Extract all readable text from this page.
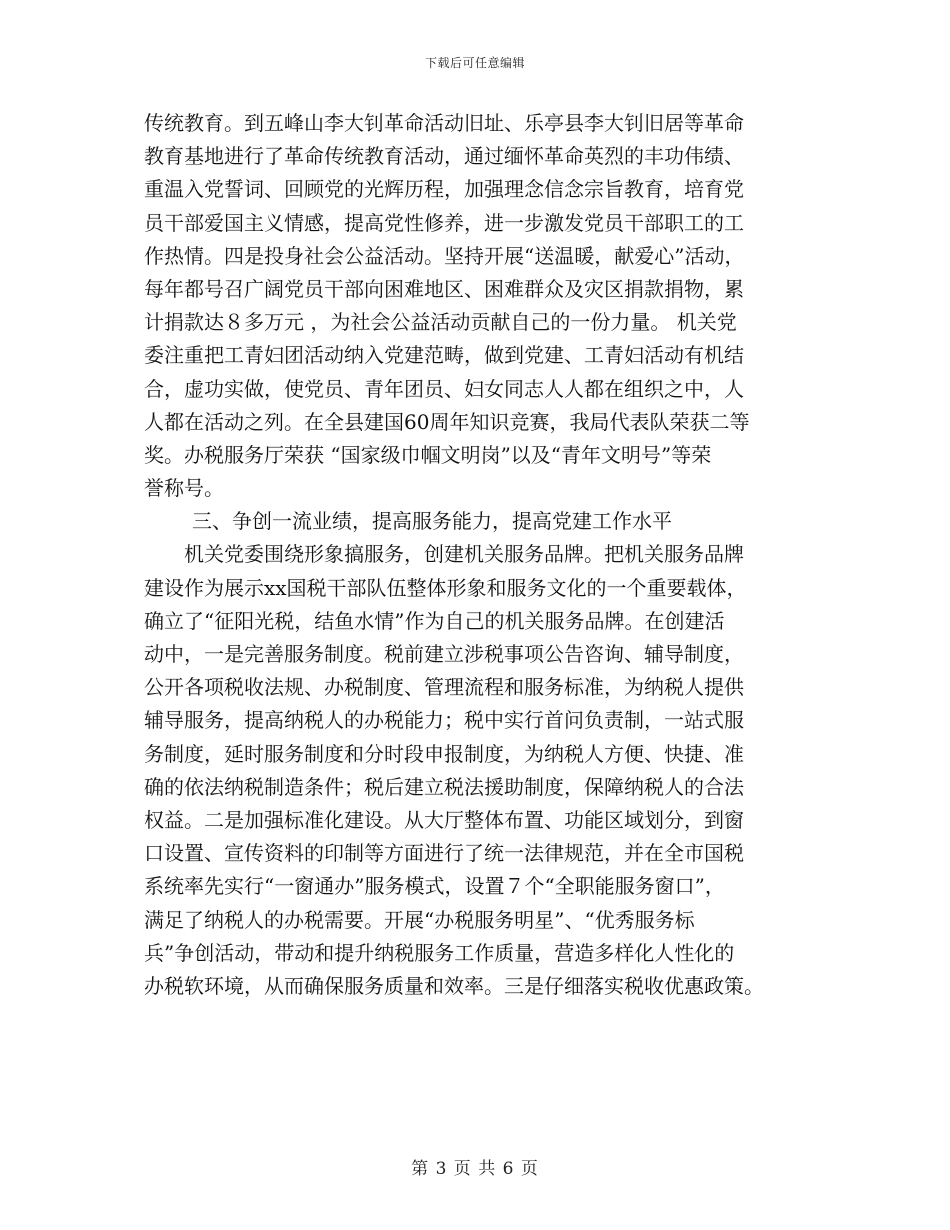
下载后可任意编辑
传统教育。到五峰山李大钊革命活动旧址、乐亭县李大钊旧居等革命
教育基地进行了革命传统教育活动，通过缅怀革命英烈的丰功伟绩、
重温入党誓词、回顾党的光辉历程，加强理念信念宗旨教育，培育党
员干部爱国主义情感，提高党性修养，进一步激发党员干部职工的工
作热情。四是投身社会公益活动。坚持开展“送温暖，献爱心”活动，
每年都号召广阔党员干部向困难地区、困难群众及灾区捐款捐物，累
计捐款达８多万元 ，为社会公益活动贡献自己的一份力量。 机关党
委注重把工青妇团活动纳入党建范畴，做到党建、工青妇活动有机结
合，虚功实做，使党员、青年团员、妇女同志人人都在组织之中，人
人都在活动之列。在全县建国60周年知识竞赛，我局代表队荣获二等
奖。办税服务厅荣获 “国家级巾帼文明岗”以及“青年文明号”等荣
誉称号。
三、争创一流业绩，提高服务能力，提高党建工作水平
机关党委围绕形象搞服务，创建机关服务品牌。把机关服务品牌
建设作为展示xx国税干部队伍整体形象和服务文化的一个重要载体，
确立了“征阳光税，结鱼水情”作为自己的机关服务品牌。在创建活
动中，一是完善服务制度。税前建立涉税事项公告咨询、辅导制度，
公开各项税收法规、办税制度、管理流程和服务标准，为纳税人提供
辅导服务，提高纳税人的办税能力；税中实行首问负责制，一站式服
务制度，延时服务制度和分时段申报制度，为纳税人方便、快捷、准
确的依法纳税制造条件；税后建立税法援助制度，保障纳税人的合法
权益。二是加强标准化建设。从大厅整体布置、功能区域划分，到窗
口设置、宣传资料的印制等方面进行了统一法律规范，并在全市国税
系统率先实行“一窗通办”服务模式，设置７个“全职能服务窗口”，
满足了纳税人的办税需要。开展“办税服务明星”、“优秀服务标
兵”争创活动，带动和提升纳税服务工作质量，营造多样化人性化的
办税软环境，从而确保服务质量和效率。三是仔细落实税收优惠政策。
第 3 页 共 6 页
